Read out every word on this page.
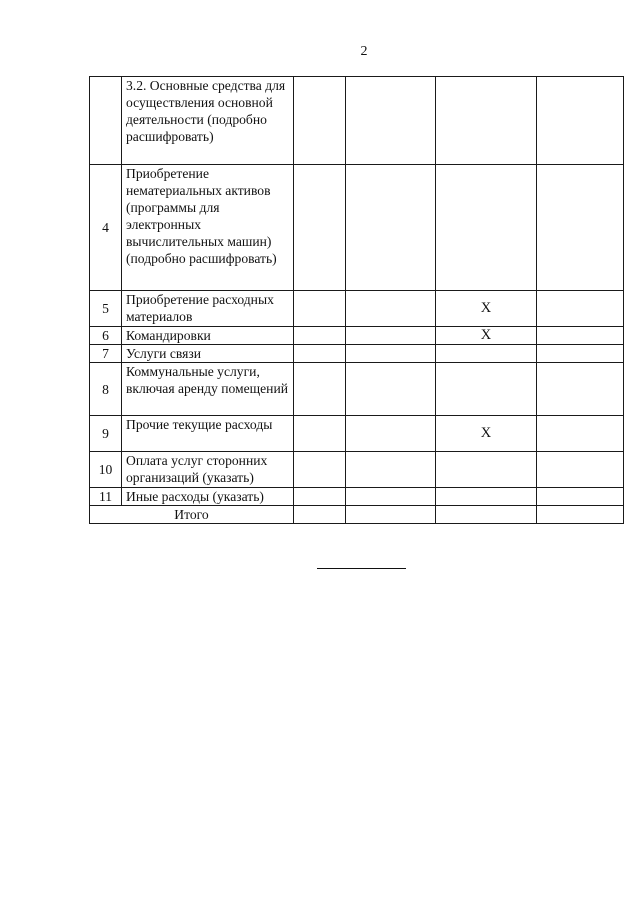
2
	3.2. Основные средства для осуществления основной деятельности (подробно расшифровать)				
4	Приобретение нематериальных активов (программы для электронных вычислительных машин) (подробно расшифровать)				
5	Приобретение расходных материалов			X	
6	Командировки			X	
7	Услуги связи				
8	Коммунальные услуги, включая аренду помещений				
9	Прочие текущие расходы			X	
10	Оплата услуг сторонних организаций (указать)				
11	Иные расходы (указать)				
Итого					
